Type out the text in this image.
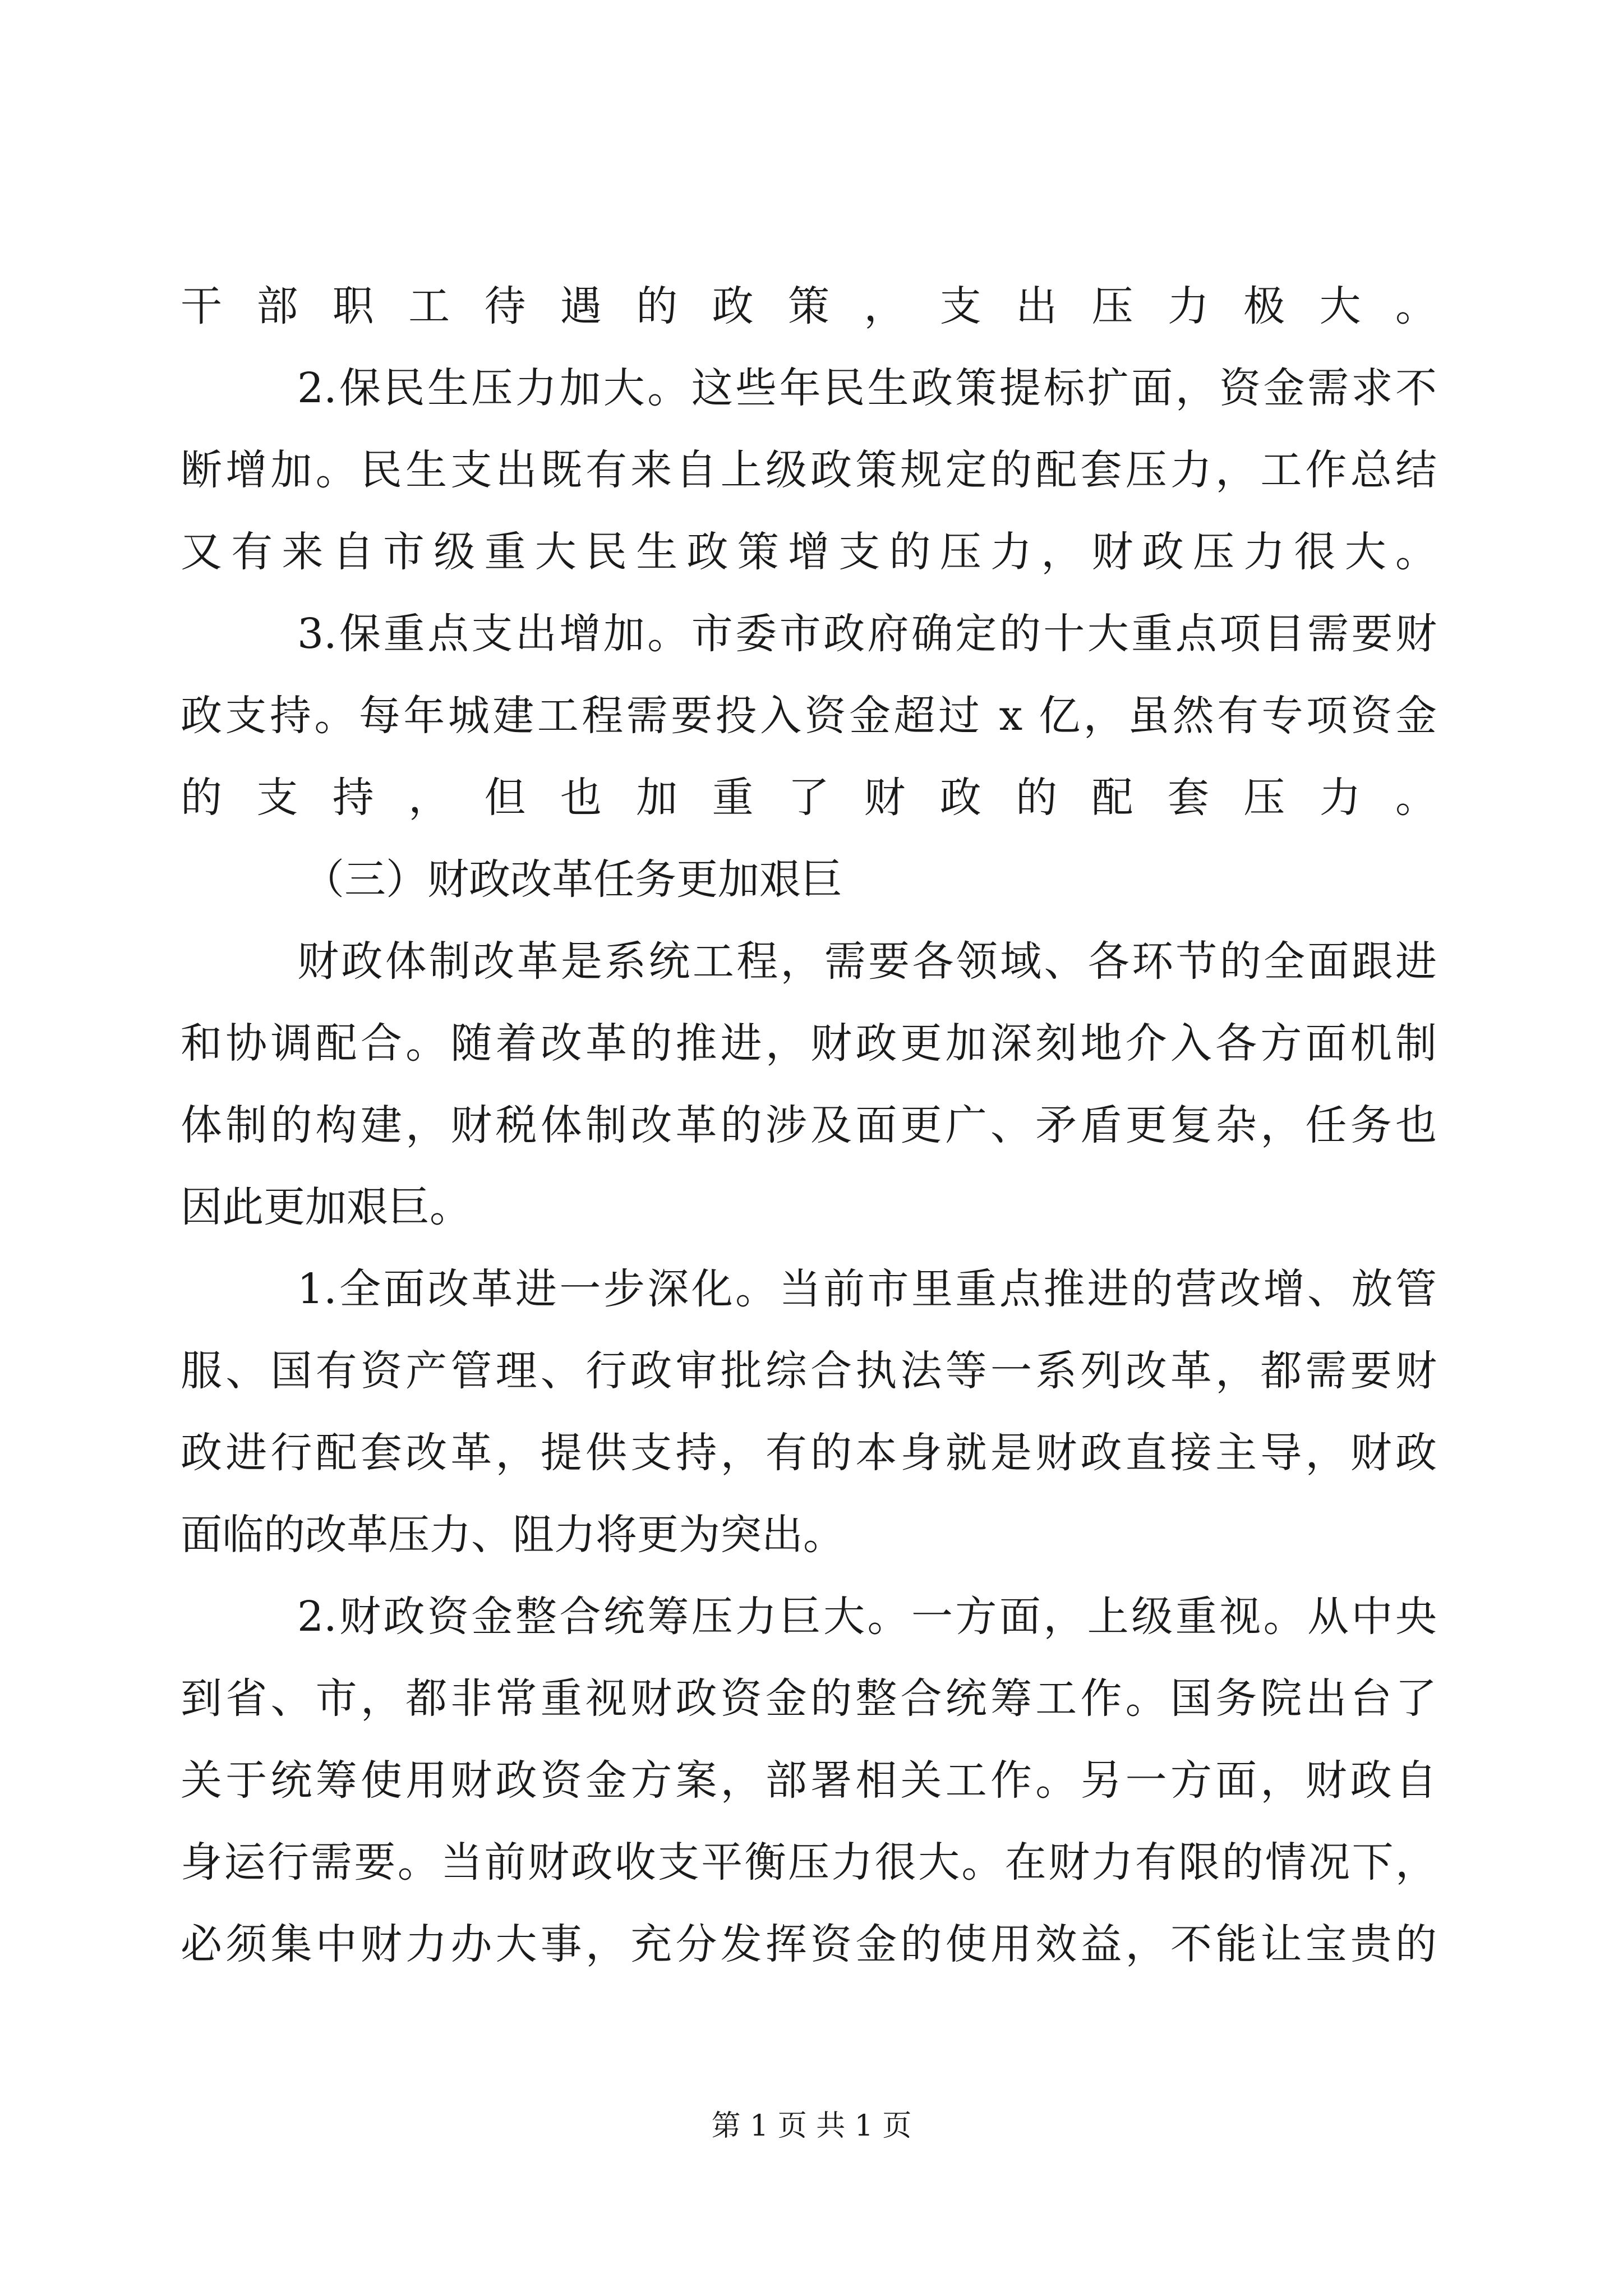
干部职工待遇的政策，支出压力极大。
2.保民生压力加大。这些年民生政策提标扩面，资金需求不
断增加。民生支出既有来自上级政策规定的配套压力，工作总结
又有来自市级重大民生政策增支的压力，财政压力很大。
3.保重点支出增加。市委市政府确定的十大重点项目需要财
政支持。每年城建工程需要投入资金超过 x 亿，虽然有专项资金
的支持，但也加重了财政的配套压力。
（三）财政改革任务更加艰巨
财政体制改革是系统工程，需要各领域、各环节的全面跟进
和协调配合。随着改革的推进，财政更加深刻地介入各方面机制
体制的构建，财税体制改革的涉及面更广、矛盾更复杂，任务也
因此更加艰巨。
1.全面改革进一步深化。当前市里重点推进的营改增、放管
服、国有资产管理、行政审批综合执法等一系列改革，都需要财
政进行配套改革，提供支持，有的本身就是财政直接主导，财政
面临的改革压力、阻力将更为突出。
2.财政资金整合统筹压力巨大。一方面，上级重视。从中央
到省、市，都非常重视财政资金的整合统筹工作。国务院出台了
关于统筹使用财政资金方案，部署相关工作。另一方面，财政自
身运行需要。当前财政收支平衡压力很大。在财力有限的情况下，
必须集中财力办大事，充分发挥资金的使用效益，不能让宝贵的
第 1 页 共 1 页
